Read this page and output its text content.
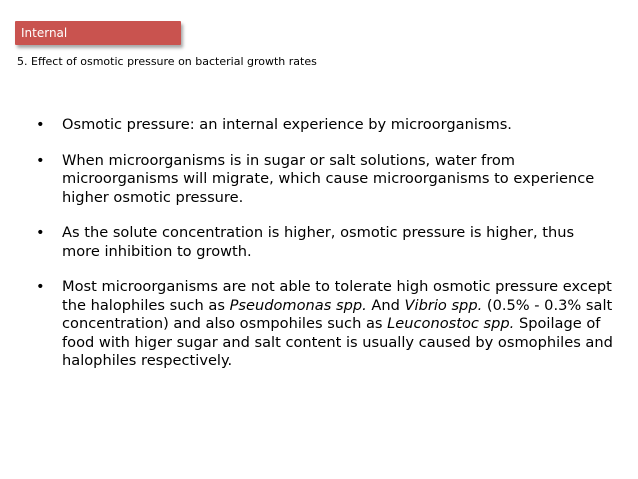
Internal
5. Effect of osmotic pressure on bacterial growth rates
• Osmotic pressure: an internal experience by microorganisms.
• When microorganisms is in sugar or salt solutions, water from microorganisms will migrate, which cause microorganisms to experience higher osmotic pressure.
• As the solute concentration is higher, osmotic pressure is higher, thus more inhibition to growth.
• Most microorganisms are not able to tolerate high osmotic pressure except the halophiles such as Pseudomonas spp. And Vibrio spp. (0.5% - 0.3% salt concentration) and also osmpohiles such as Leuconostoc spp. Spoilage of food with higer sugar and salt content is usually caused by osmophiles and halophiles respectively.
